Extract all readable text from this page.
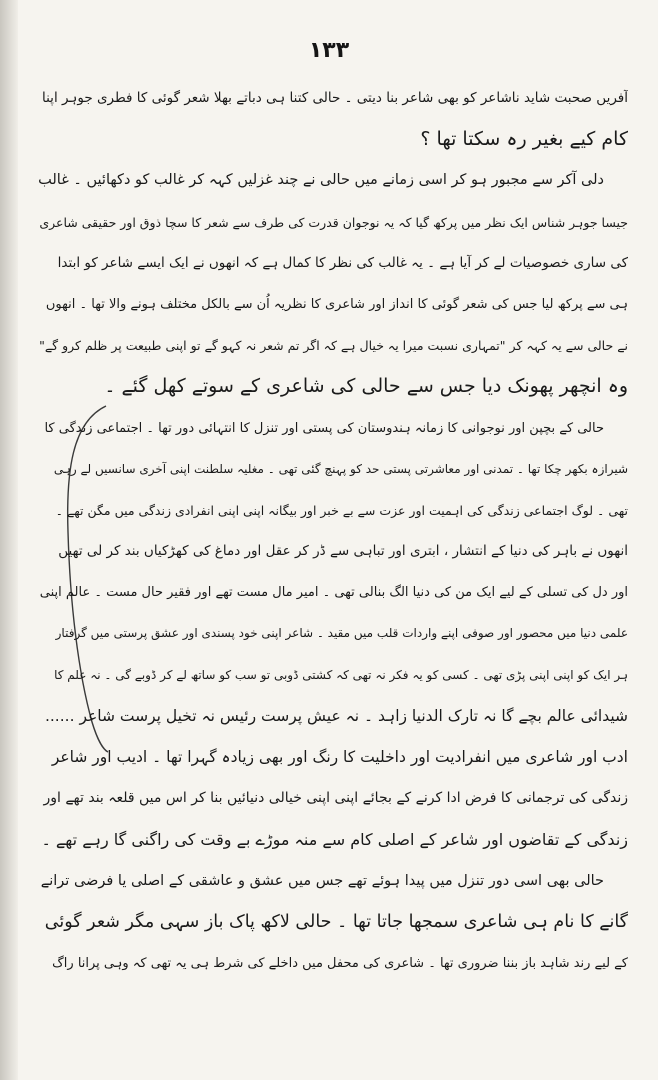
۱۳۳
آفریں صحبت شاید ناشاعر کو بھی شاعر بنا دیتی ۔ حالی کتنا ہی دباتے بھلا شعر گوئی کا فطری جوہر اپنا
کام کیے بغیر رہ سکتا تھا ؟
دلی آکر سے مجبور ہو کر اسی زمانے میں حالی نے چند غزلیں کہہ کر غالب کو دکھائیں ۔ غالب
جیسا جوہر شناس ایک نظر میں پرکھ گیا کہ یہ نوجوان قدرت کی طرف سے شعر کا سچا ذوق اور حقیقی شاعری
کی ساری خصوصیات لے کر آیا ہے ۔ یہ غالب کی نظر کا کمال ہے کہ انھوں نے ایک ایسے شاعر کو ابتدا
ہی سے پرکھ لیا جس کی شعر گوئی کا انداز اور شاعری کا نظریہ اُن سے بالکل مختلف ہونے والا تھا ۔ انھوں
نے حالی سے یہ کہہ کر "تمہاری نسبت میرا یہ خیال ہے کہ اگر تم شعر نہ کہو گے تو اپنی طبیعت پر ظلم کرو گے"
وہ انچھر پھونک دیا جس سے حالی کی شاعری کے سوتے کھل گئے ۔
حالی کے بچپن اور نوجوانی کا زمانہ ہندوستان کی پستی اور تنزل کا انتہائی دور تھا ۔ اجتماعی زندگی کا
شیرازہ بکھر چکا تھا ۔ تمدنی اور معاشرتی پستی حد کو پہنچ گئی تھی ۔ مغلیہ سلطنت اپنی آخری سانسیں لے رہی
تھی ۔ لوگ اجتماعی زندگی کی اہمیت اور عزت سے بے خبر اور بیگانہ اپنی اپنی انفرادی زندگی میں مگن تھے ۔
انھوں نے باہر کی دنیا کے انتشار ، ابتری اور تباہی سے ڈر کر عقل اور دماغ کی کھڑکیاں بند کر لی تھیں
اور دل کی تسلی کے لیے ایک من کی دنیا الگ بنالی تھی ۔ امیر مال مست تھے اور فقیر حال مست ۔ عالم اپنی
علمی دنیا میں محصور اور صوفی اپنے واردات قلب میں مقید ۔ شاعر اپنی خود پسندی اور عشق پرستی میں گرفتار
ہر ایک کو اپنی اپنی پڑی تھی ۔ کسی کو یہ فکر نہ تھی کہ کشتی ڈوبی تو سب کو ساتھ لے کر ڈوبے گی ۔ نہ علم کا
شیدائی عالم بچے گا نہ تارک الدنیا زاہد ۔ نہ عیش پرست رئیس نہ تخیل پرست شاعر ......
ادب اور شاعری میں انفرادیت اور داخلیت کا رنگ اور بھی زیادہ گہرا تھا ۔ ادیب اور شاعر
زندگی کی ترجمانی کا فرض ادا کرنے کے بجائے اپنی اپنی خیالی دنیائیں بنا کر اس میں قلعہ بند تھے اور
زندگی کے تقاضوں اور شاعر کے اصلی کام سے منہ موڑے بے وقت کی راگنی گا رہے تھے ۔
حالی بھی اسی دور تنزل میں پیدا ہوئے تھے جس میں عشق و عاشقی کے اصلی یا فرضی ترانے
گانے کا نام ہی شاعری سمجھا جاتا تھا ۔ حالی لاکھ پاک باز سہی مگر شعر گوئی
کے لیے رند شاہد باز بننا ضروری تھا ۔ شاعری کی محفل میں داخلے کی شرط ہی یہ تھی کہ وہی پرانا راگ
